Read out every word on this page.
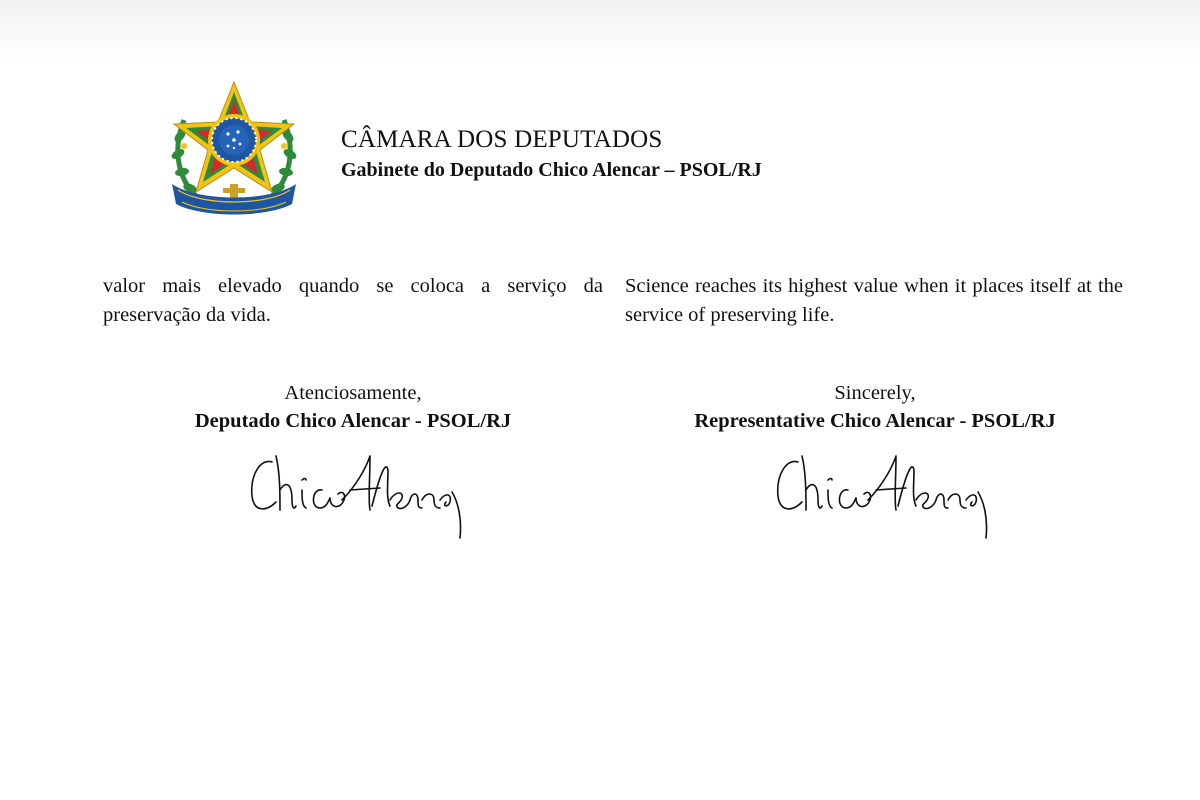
CÂMARA DOS DEPUTADOS
Gabinete do Deputado Chico Alencar – PSOL/RJ
valor mais elevado quando se coloca a serviço da preservação da vida.
Science reaches its highest value when it places itself at the service of preserving life.
Atenciosamente,
Deputado Chico Alencar - PSOL/RJ
Sincerely,
Representative Chico Alencar - PSOL/RJ
